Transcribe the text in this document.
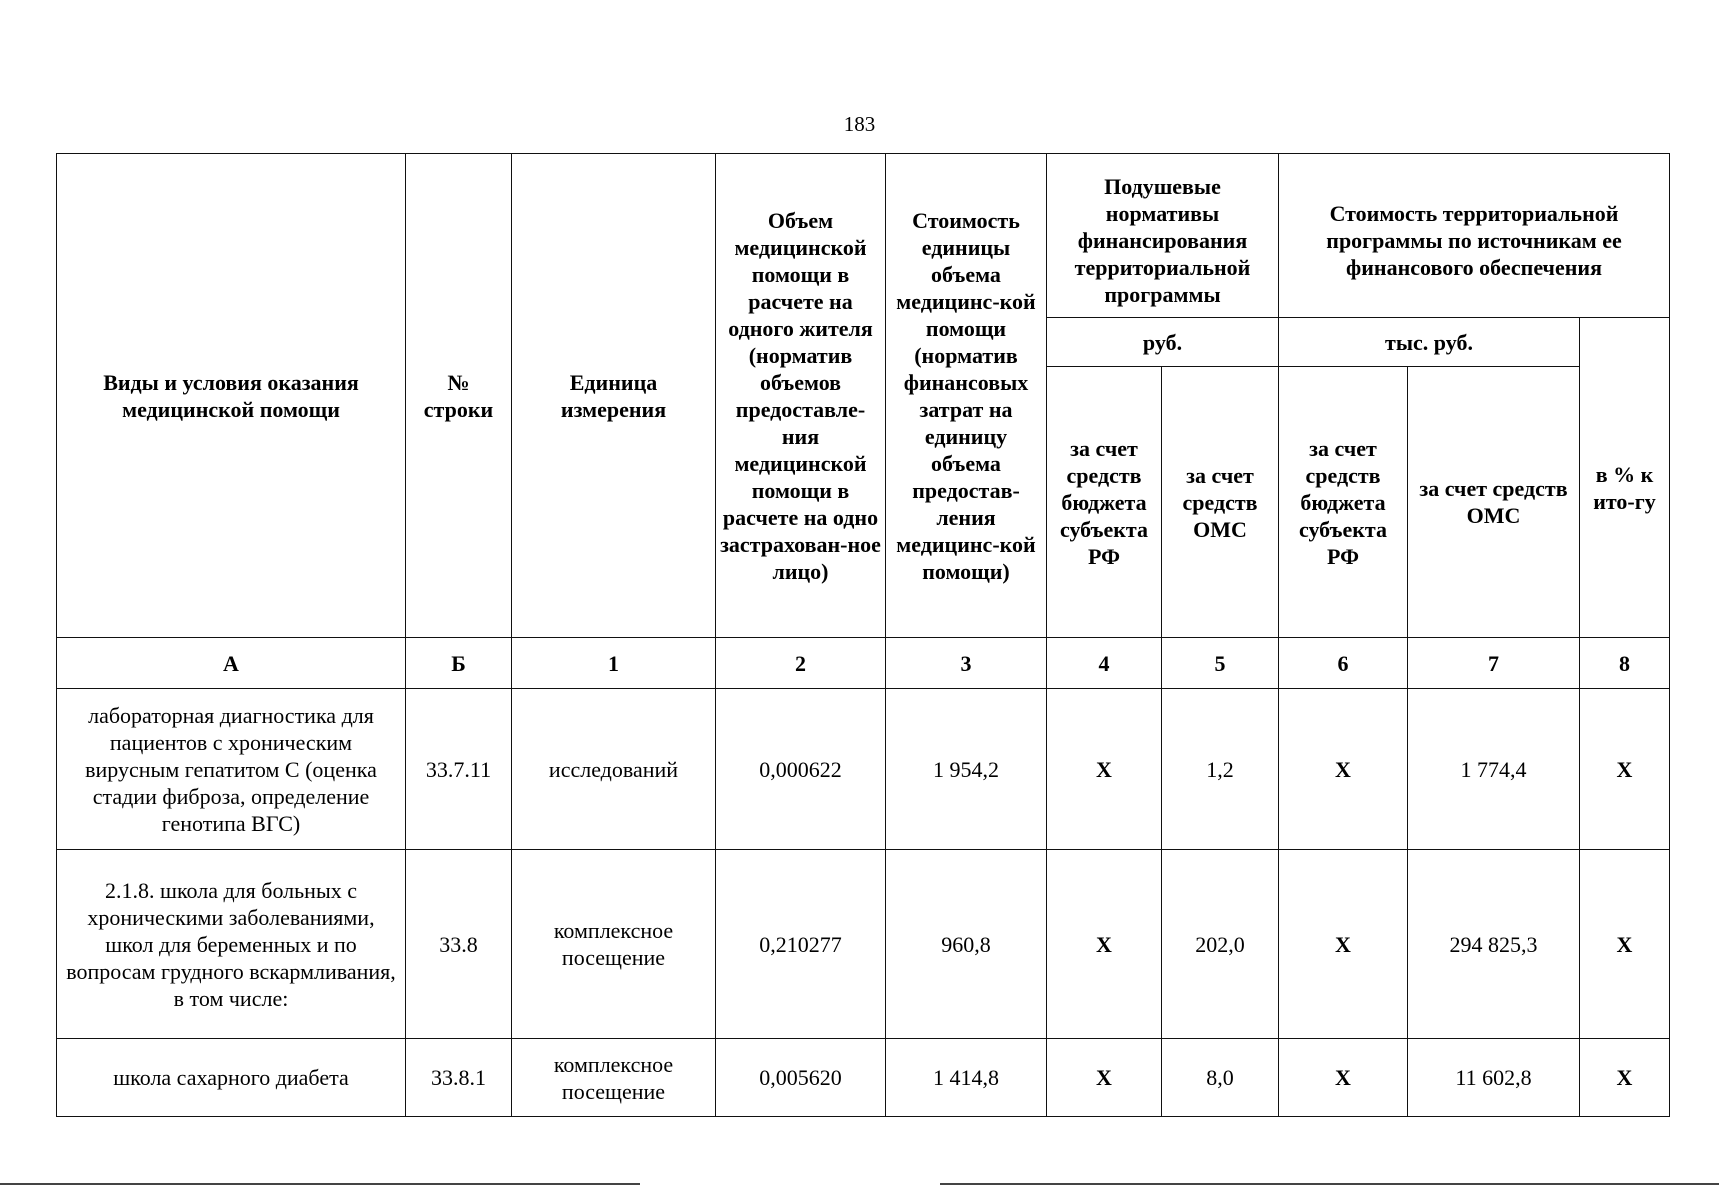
183
Виды и условия оказания медицинской помощи	№ строки	Единица измерения	Объем медицинской помощи в расчете на одного жителя (норматив объемов предоставле-ния медицинской помощи в расчете на одно застрахован-ное лицо)	Стоимость единицы объема медицинс-кой помощи (норматив финансовых затрат на единицу объема предостав-ления медицинс-кой помощи)	Подушевые нормативы финансирования территориальной программы		Стоимость территориальной программы по источникам ее финансового обеспечения		
					руб.		тыс. руб.		в % к ито-гу
					за счет средств бюджета субъекта РФ	за счет средств ОМС	за счет средств бюджета субъекта РФ	за счет средств ОМС	
А	Б	1	2	3	4	5	6	7	8
лабораторная диагностика для пациентов с хроническим вирусным гепатитом С (оценка стадии фиброза, определение генотипа ВГС)	33.7.11	исследований	0,000622	1 954,2	Х	1,2	Х	1 774,4	Х
2.1.8. школа для больных с хроническими заболеваниями, школ для беременных и по вопросам грудного вскармливания, в том числе:	33.8	комплексное посещение	0,210277	960,8	Х	202,0	Х	294 825,3	Х
школа сахарного диабета	33.8.1	комплексное посещение	0,005620	1 414,8	Х	8,0	Х	11 602,8	Х
